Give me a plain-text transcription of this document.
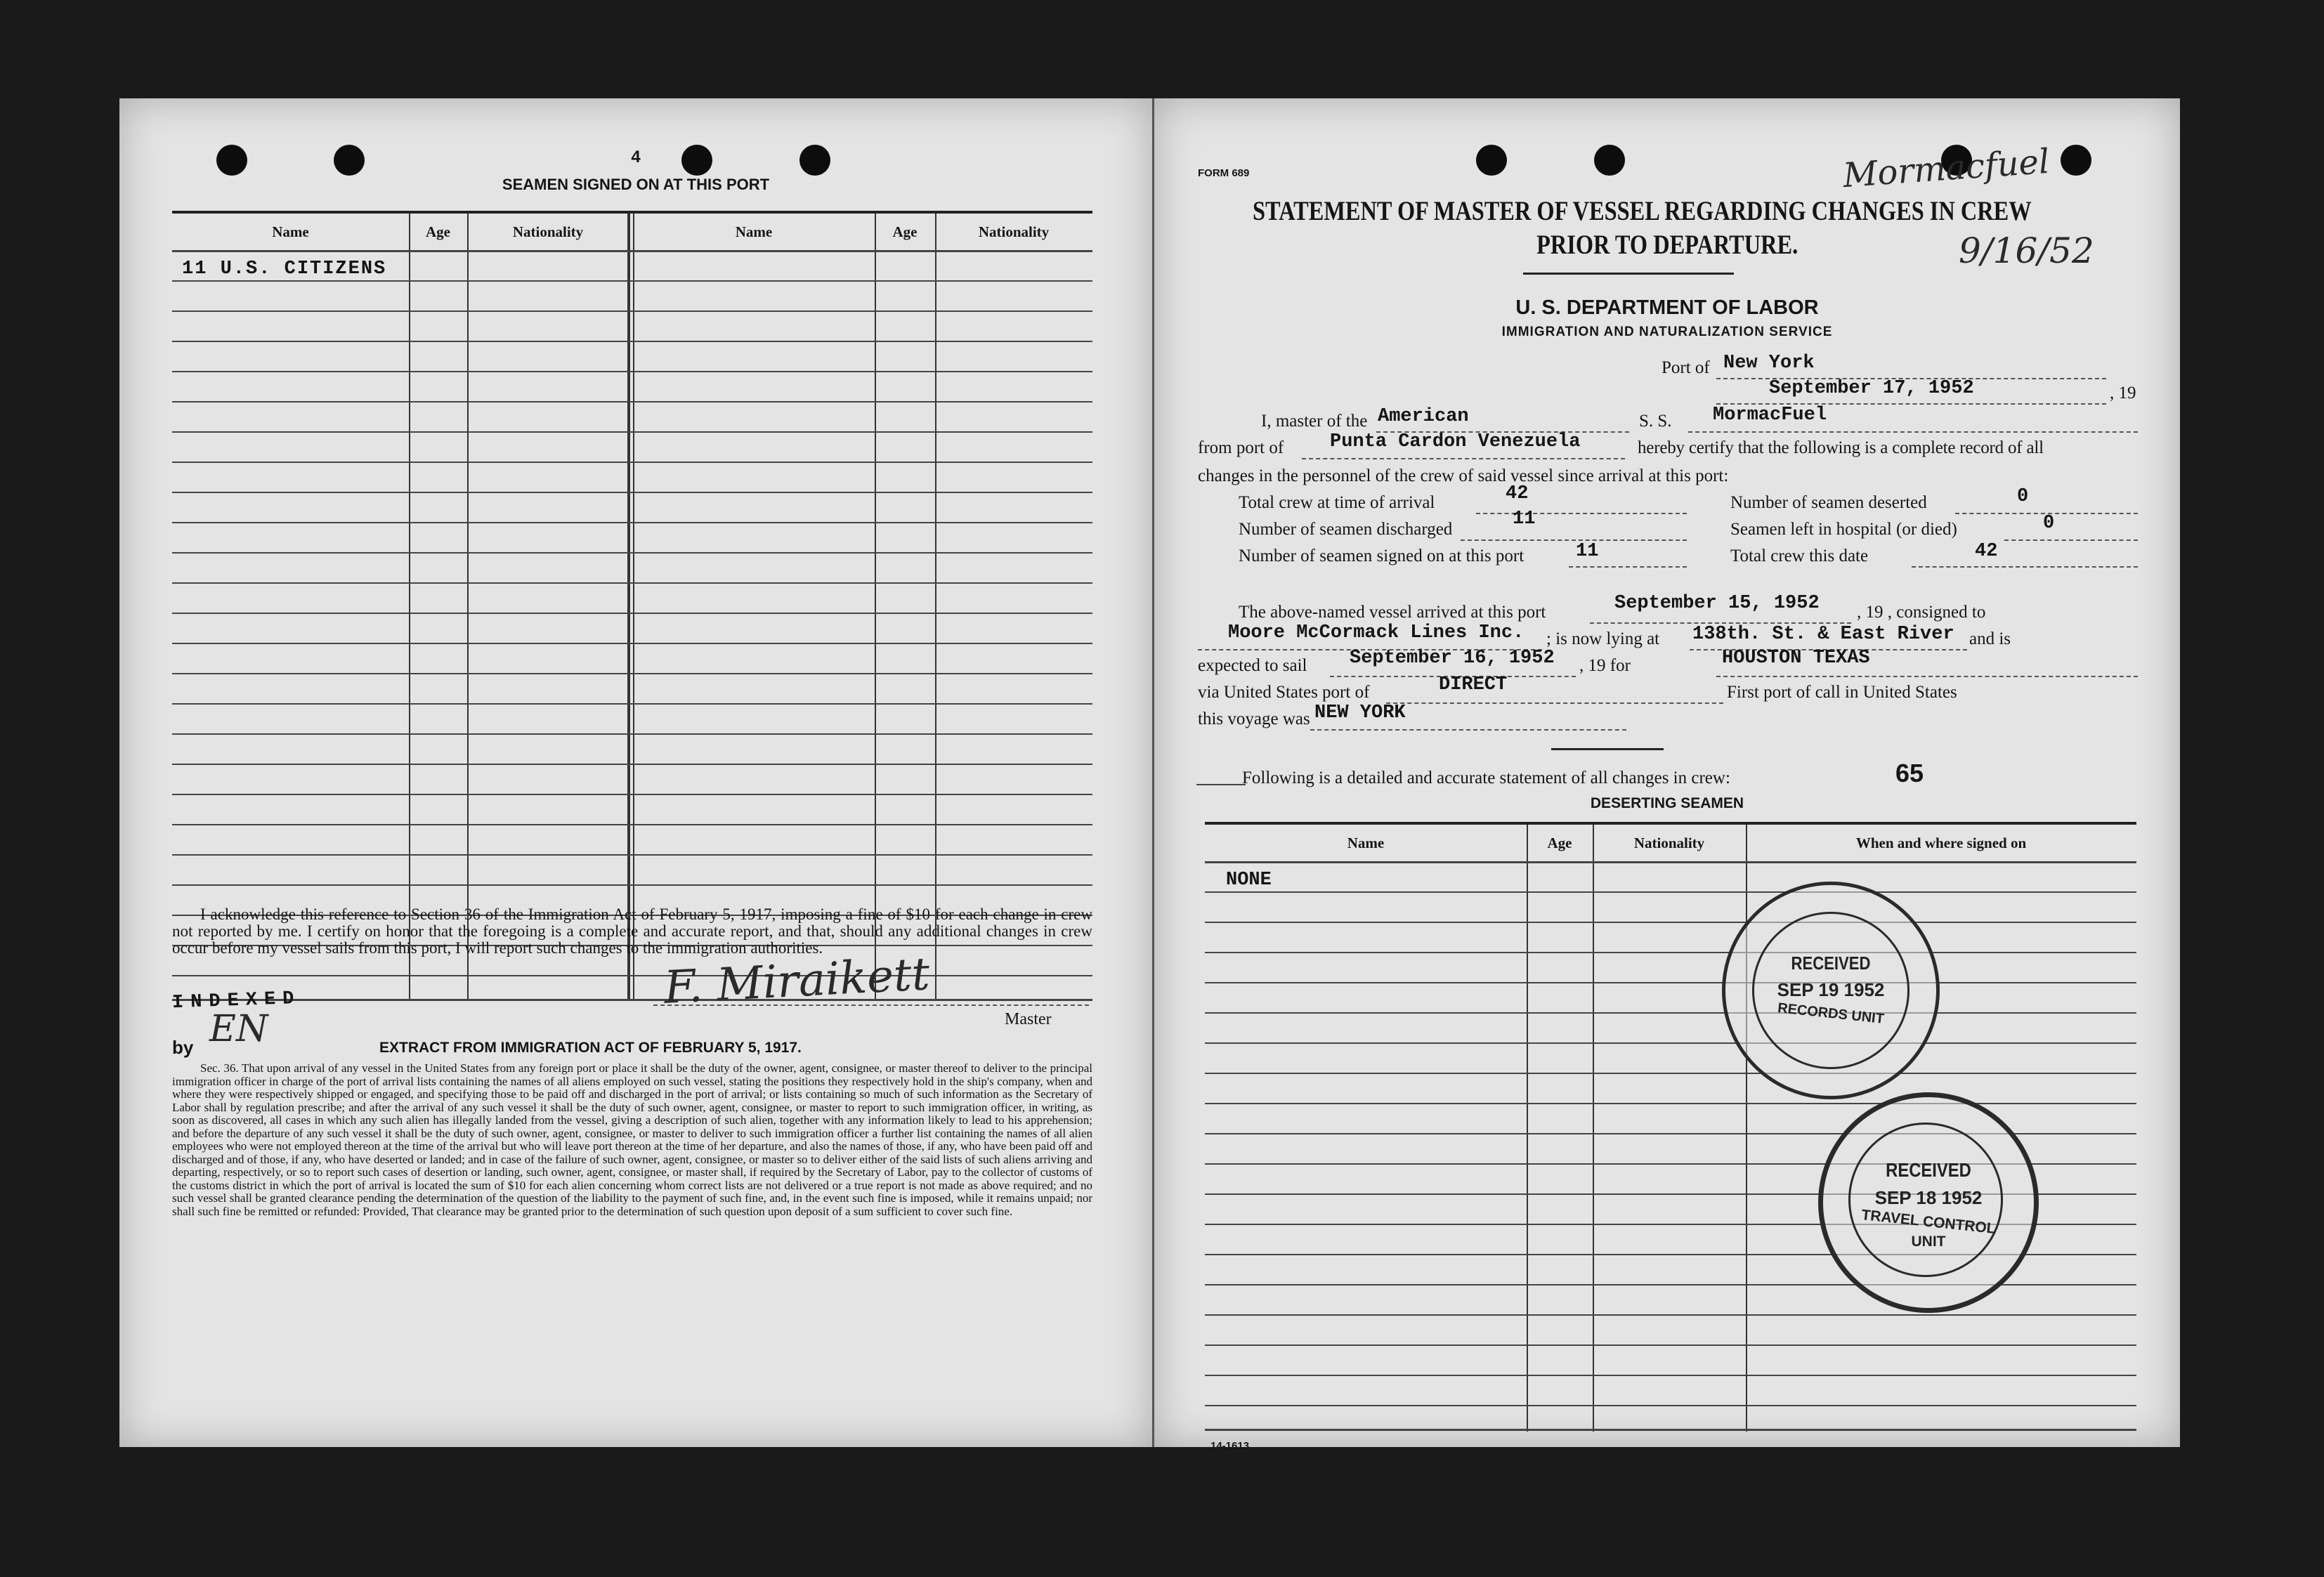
4
SEAMEN SIGNED ON AT THIS PORT
Name	Age	Nationality	Name	Age	Nationality
11 U.S. CITIZENS
I acknowledge this reference to Section 36 of the Immigration Act of February 5, 1917, imposing a fine of $10 for each change in crew not reported by me. I certify on honor that the foregoing is a complete and accurate report, and that, should any additional changes in crew occur before my vessel sails from this port, I will report such changes to the immigration authorities.
F. Miraikett
Master
INDEXED
by EN	EXTRACT FROM IMMIGRATION ACT OF FEBRUARY 5, 1917.
Sec. 36. That upon arrival of any vessel in the United States from any foreign port or place it shall be the duty of the owner, agent, consignee, or master thereof to deliver to the principal immigration officer in charge of the port of arrival lists containing the names of all aliens employed on such vessel, stating the positions they respectively hold in the ship's company, when and where they were respectively shipped or engaged, and specifying those to be paid off and discharged in the port of arrival; or lists containing so much of such information as the Secretary of Labor shall by regulation prescribe; and after the arrival of any such vessel it shall be the duty of such owner, agent, consignee, or master to report to such immigration officer, in writing, as soon as discovered, all cases in which any such alien has illegally landed from the vessel, giving a description of such alien, together with any information likely to lead to his apprehension; and before the departure of any such vessel it shall be the duty of such owner, agent, consignee, or master to deliver to such immigration officer a further list containing the names of all alien employees who were not employed thereon at the time of the arrival but who will leave port thereon at the time of her departure, and also the names of those, if any, who have been paid off and discharged and of those, if any, who have deserted or landed; and in case of the failure of such owner, agent, consignee, or master so to deliver either of the said lists of such aliens arriving and departing, respectively, or so to report such cases of desertion or landing, such owner, agent, consignee, or master shall, if required by the Secretary of Labor, pay to the collector of customs of the customs district in which the port of arrival is located the sum of $10 for each alien concerning whom correct lists are not delivered or a true report is not made as above required; and no such vessel shall be granted clearance pending the determination of the question of the liability to the payment of such fine, and, in the event such fine is imposed, while it remains unpaid; nor shall such fine be remitted or refunded: Provided, That clearance may be granted prior to the determination of such question upon deposit of a sum sufficient to cover such fine.
FORM 689	Mormacfuel
9/16/52
STATEMENT OF MASTER OF VESSEL REGARDING CHANGES IN CREW
PRIOR TO DEPARTURE.
U. S. DEPARTMENT OF LABOR
IMMIGRATION AND NATURALIZATION SERVICE
Port of New York
September 17, 1952	, 19
I, master of the American	S. S. MormacFuel
from port of Punta Cardon Venezuela	hereby certify that the following is a complete record of all
changes in the personnel of the crew of said vessel since arrival at this port:
Total crew at time of arrival	42	Number of seamen deserted	0
Number of seamen discharged	11	Seamen left in hospital (or died)	0
Number of seamen signed on at this port	11	Total crew this date	42
The above-named vessel arrived at this port	September 15, 1952 , 19 , consigned to
Moore McCormack Lines Inc. ; is now lying at 138th. St. & East River and is
expected to sail September 16, 1952 , 19 for	HOUSTON TEXAS
via United States port of	DIRECT	First port of call in United States
this voyage was NEW YORK
Following is a detailed and accurate statement of all changes in crew:	65
DESERTING SEAMEN
Name	Age	Nationality	When and where signed on
NONE
RECEIVED
SEP 19 1952
RECORDS UNIT
RECEIVED
SEP 18 1952
TRAVEL CONTROL
UNIT
14-1613
